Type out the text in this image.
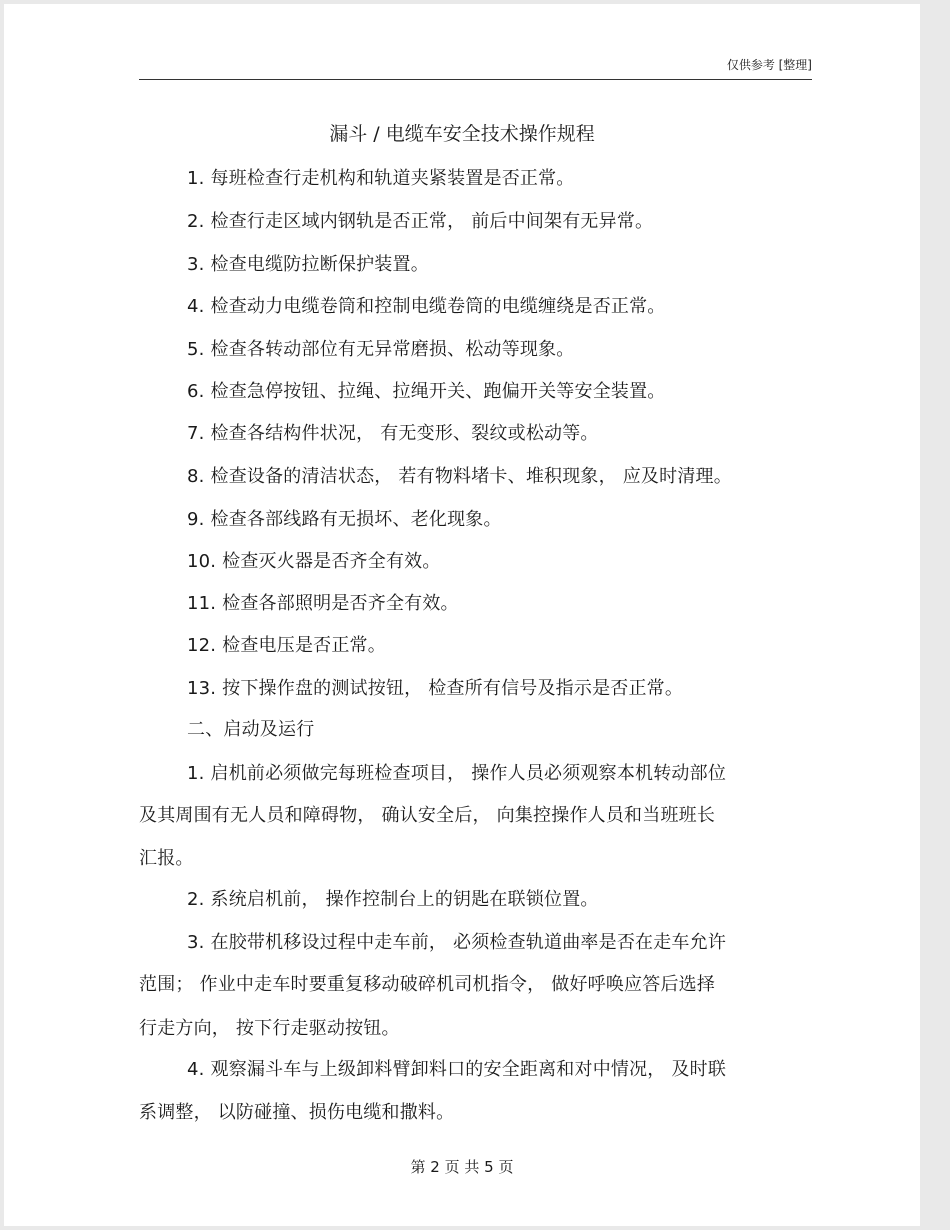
仅供参考 [整理]
漏斗 / 电缆车安全技术操作规程
1. 每班检查行走机构和轨道夹紧装置是否正常。
2. 检查行走区域内钢轨是否正常， 前后中间架有无异常。
3. 检查电缆防拉断保护装置。
4. 检查动力电缆卷筒和控制电缆卷筒的电缆缠绕是否正常。
5. 检查各转动部位有无异常磨损、松动等现象。
6. 检查急停按钮、拉绳、拉绳开关、跑偏开关等安全装置。
7. 检查各结构件状况， 有无变形、裂纹或松动等。
8. 检查设备的清洁状态， 若有物料堵卡、堆积现象， 应及时清理。
9. 检查各部线路有无损坏、老化现象。
10. 检查灭火器是否齐全有效。
11. 检查各部照明是否齐全有效。
12. 检查电压是否正常。
13. 按下操作盘的测试按钮， 检查所有信号及指示是否正常。
二、启动及运行
1. 启机前必须做完每班检查项目， 操作人员必须观察本机转动部位
及其周围有无人员和障碍物， 确认安全后， 向集控操作人员和当班班长
汇报。
2. 系统启机前， 操作控制台上的钥匙在联锁位置。
3. 在胶带机移设过程中走车前， 必须检查轨道曲率是否在走车允许
范围； 作业中走车时要重复移动破碎机司机指令， 做好呼唤应答后选择
行走方向， 按下行走驱动按钮。
4. 观察漏斗车与上级卸料臂卸料口的安全距离和对中情况， 及时联
系调整， 以防碰撞、损伤电缆和撒料。
第 2 页 共 5 页
